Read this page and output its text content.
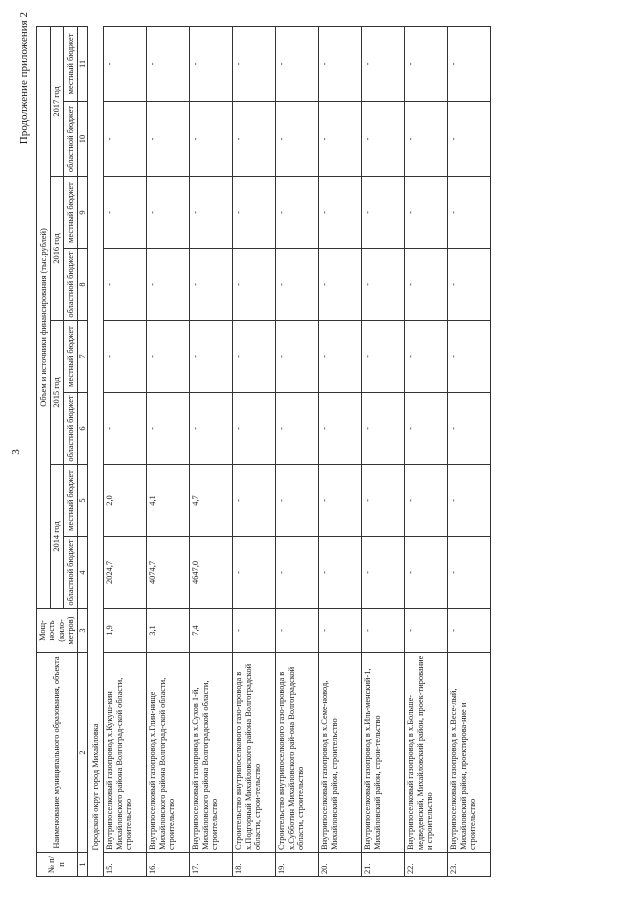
3
Продолжение приложения 2
№ п/п	Наименование муниципального образования, объекта	Мощ-ность (кило-метров)	Объем и источники финансирования (тыс.рублей)							
			2014 год		2015 год		2016 год		2017 год	
			областной бюджет	местный бюджет	областной бюджет	местный бюджет	областной бюджет	местный бюджет	областной бюджет	местный бюджет
1	2	3	4	5	6	7	8	9	10	11
	Городской округ город Михайловка									
15.	Внутрипоселковый газопровод х.Кукуш-кин Михайловского района Волгоград-ской области, строительство	1,9	2024,7	2,0	-	-	-	-	-	-
16.	Внутрипоселковый газопровод х.Глин-нище Михайловского района Волгоград-ской области, строительство	3,1	4074,7	4,1	-	-	-	-	-	-
17.	Внутрипоселковый газопровод в х.Сухов 1-й, Михайловского района Волгоградской области, строительство	7,4	4647,0	4,7	-	-	-	-	-	-
18.	Строительство внутрипоселкового газо-провода в х.Подгорный Михайловского района Волгоградской области, строи-тельство	-	-	-	-	-	-	-	-	-
19.	Строительство внутрипоселкового газо-провода в х.Субботин Михайловского рай-она Волгоградской области, строительство	-	-	-	-	-	-	-	-	-
20.	Внутрипоселковый газопровод в х.Семе-новод, Михайловский район, строительство	-	-	-	-	-	-	-	-	-
21.	Внутрипоселковый газопровод в х.Иль-менский-1, Михайловский район, строи-тельство	-	-	-	-	-	-	-	-	-
22.	Внутрипоселковый газопровод в х.Больше-медведевский, Михайловский район, проек-тирование и строительство	-	-	-	-	-	-	-	-	-
23.	Внутрипоселковый газопровод в х.Весе-лый, Михайловский район, проектирова-ние и строительство	-	-	-	-	-	-	-	-	-
